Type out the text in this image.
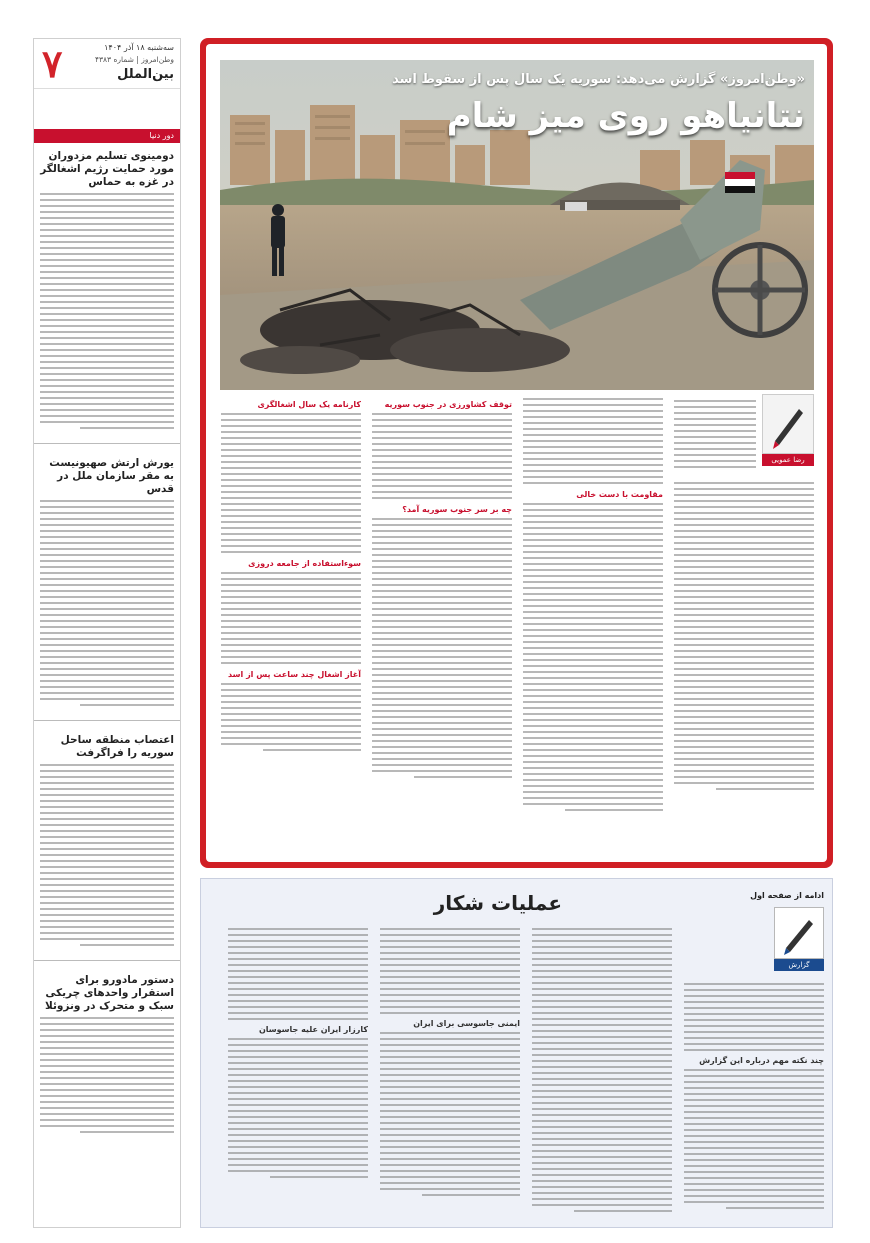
۷	سه‌شنبه ۱۸ آذر ۱۴۰۴
وطن‌امروز | شماره ۴۳۸۳
بین‌الملل
دور دنیا
دومینوی تسلیم مزدوران مورد حمایت رژیم اشغالگر در غزه به حماس
یورش ارتش صهیونیست به مقر سازمان ملل در قدس
اعتصاب منطقه ساحل سوریه را فراگرفت
دستور مادورو برای استقرار واحدهای چریکی سبک و متحرک در ونزوئلا
«وطن‌امروز» گزارش می‌دهد: سوریه یک سال پس از سقوط اسد
نتانیاهو روی میز شام
رضا عمویی
مقاومت با دست خالی
توقف کشاورزی در جنوب سوریه
چه بر سر جنوب سوریه آمد؟
کارنامه یک سال اشغالگری
سوءاستفاده از جامعه دروزی
آغاز اشغال چند ساعت پس از اسد
ادامه از صفحه اول
گزارش
عملیات شکار
چند نکته مهم درباره این گزارش
ایمنی جاسوسی برای ایران
کارزار ایران علیه جاسوسان
